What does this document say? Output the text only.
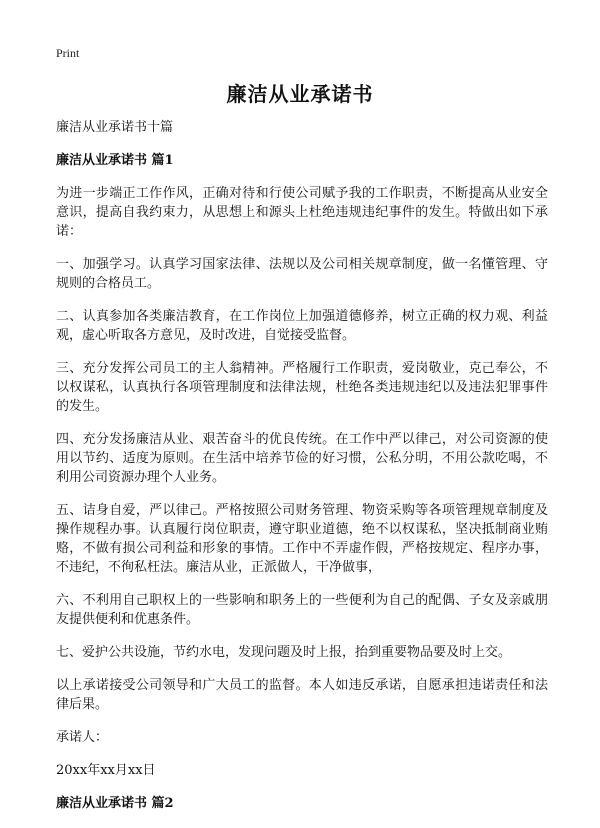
Print
廉洁从业承诺书

廉洁从业承诺书十篇

廉洁从业承诺书 篇1

为进一步端正工作作风，正确对待和行使公司赋予我的工作职责，不断提高从业安全意识，提高自我约束力，从思想上和源头上杜绝违规违纪事件的发生。特做出如下承诺：

一、加强学习。认真学习国家法律、法规以及公司相关规章制度，做一名懂管理、守规则的合格员工。

二、认真参加各类廉洁教育，在工作岗位上加强道德修养，树立正确的权力观、利益观，虚心听取各方意见，及时改进，自觉接受监督。

三、充分发挥公司员工的主人翁精神。严格履行工作职责，爱岗敬业，克己奉公，不以权谋私，认真执行各项管理制度和法律法规，杜绝各类违规违纪以及违法犯罪事件的发生。

四、充分发扬廉洁从业、艰苦奋斗的优良传统。在工作中严以律己，对公司资源的使用以节约、适度为原则。在生活中培养节俭的好习惯，公私分明，不用公款吃喝，不利用公司资源办理个人业务。

五、诘身自爱，严以律己。严格按照公司财务管理、物资采购等各项管理规章制度及操作规程办事。认真履行岗位职责，遵守职业道德，绝不以权谋私，坚决抵制商业贿赂，不做有损公司利益和形象的事情。工作中不弄虚作假，严格按规定、程序办事，不违纪，不徇私枉法。廉洁从业，正派做人，干净做事，

六、不利用自己职权上的一些影响和职务上的一些便利为自己的配偶、子女及亲戚朋友提供便利和优惠条件。

七、爱护公共设施，节约水电，发现问题及时上报，抬到重要物品要及时上交。

以上承诺接受公司领导和广大员工的监督。本人如违反承诺，自愿承担违诺责任和法律后果。

承诺人：

20xx年xx月xx日

廉洁从业承诺书 篇2
